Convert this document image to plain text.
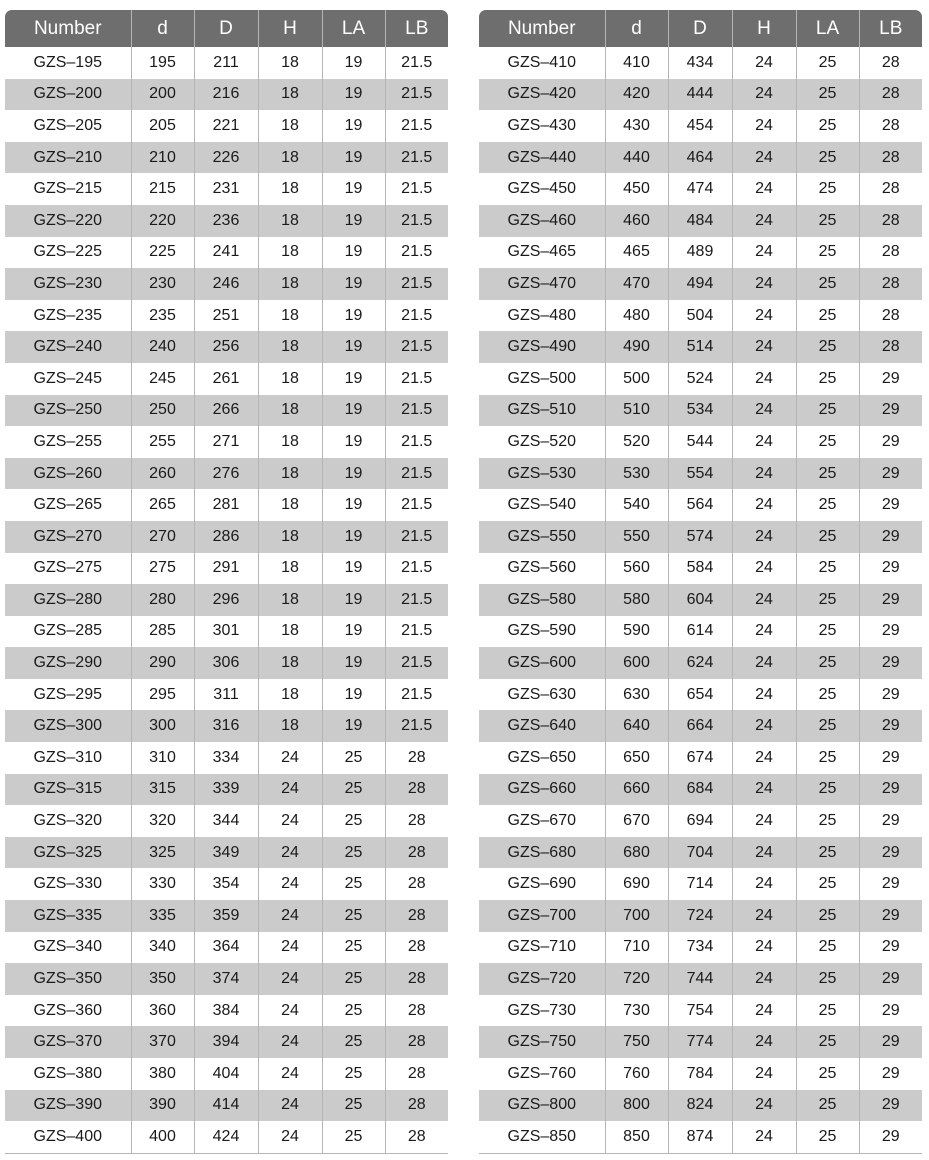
Number	d	D	H	LA	LB
GZS–195	195	211	18	19	21.5
GZS–200	200	216	18	19	21.5
GZS–205	205	221	18	19	21.5
GZS–210	210	226	18	19	21.5
GZS–215	215	231	18	19	21.5
GZS–220	220	236	18	19	21.5
GZS–225	225	241	18	19	21.5
GZS–230	230	246	18	19	21.5
GZS–235	235	251	18	19	21.5
GZS–240	240	256	18	19	21.5
GZS–245	245	261	18	19	21.5
GZS–250	250	266	18	19	21.5
GZS–255	255	271	18	19	21.5
GZS–260	260	276	18	19	21.5
GZS–265	265	281	18	19	21.5
GZS–270	270	286	18	19	21.5
GZS–275	275	291	18	19	21.5
GZS–280	280	296	18	19	21.5
GZS–285	285	301	18	19	21.5
GZS–290	290	306	18	19	21.5
GZS–295	295	311	18	19	21.5
GZS–300	300	316	18	19	21.5
GZS–310	310	334	24	25	28
GZS–315	315	339	24	25	28
GZS–320	320	344	24	25	28
GZS–325	325	349	24	25	28
GZS–330	330	354	24	25	28
GZS–335	335	359	24	25	28
GZS–340	340	364	24	25	28
GZS–350	350	374	24	25	28
GZS–360	360	384	24	25	28
GZS–370	370	394	24	25	28
GZS–380	380	404	24	25	28
GZS–390	390	414	24	25	28
GZS–400	400	424	24	25	28
Number	d	D	H	LA	LB
GZS–410	410	434	24	25	28
GZS–420	420	444	24	25	28
GZS–430	430	454	24	25	28
GZS–440	440	464	24	25	28
GZS–450	450	474	24	25	28
GZS–460	460	484	24	25	28
GZS–465	465	489	24	25	28
GZS–470	470	494	24	25	28
GZS–480	480	504	24	25	28
GZS–490	490	514	24	25	28
GZS–500	500	524	24	25	29
GZS–510	510	534	24	25	29
GZS–520	520	544	24	25	29
GZS–530	530	554	24	25	29
GZS–540	540	564	24	25	29
GZS–550	550	574	24	25	29
GZS–560	560	584	24	25	29
GZS–580	580	604	24	25	29
GZS–590	590	614	24	25	29
GZS–600	600	624	24	25	29
GZS–630	630	654	24	25	29
GZS–640	640	664	24	25	29
GZS–650	650	674	24	25	29
GZS–660	660	684	24	25	29
GZS–670	670	694	24	25	29
GZS–680	680	704	24	25	29
GZS–690	690	714	24	25	29
GZS–700	700	724	24	25	29
GZS–710	710	734	24	25	29
GZS–720	720	744	24	25	29
GZS–730	730	754	24	25	29
GZS–750	750	774	24	25	29
GZS–760	760	784	24	25	29
GZS–800	800	824	24	25	29
GZS–850	850	874	24	25	29
